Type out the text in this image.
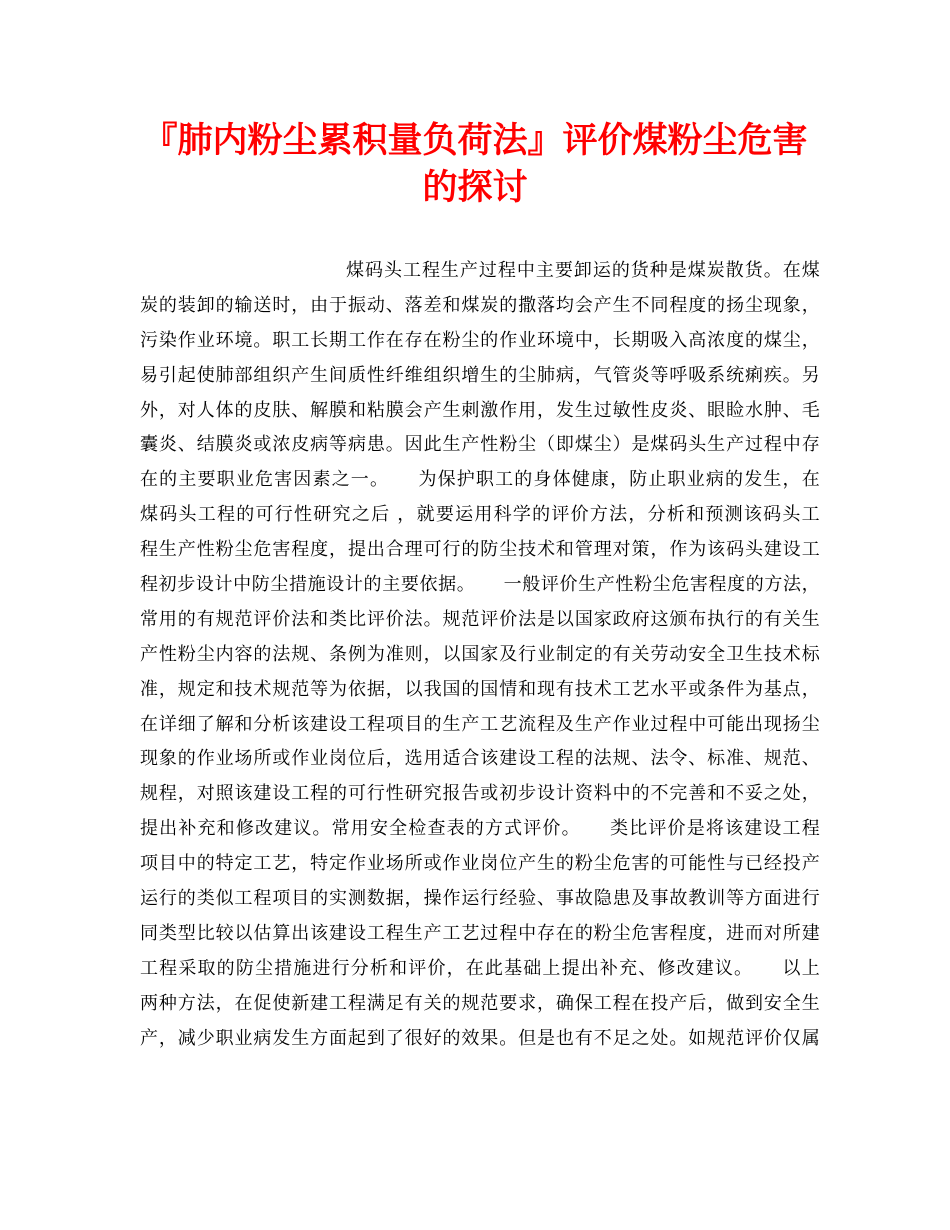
『肺内粉尘累积量负荷法』评价煤粉尘危害
的探讨
煤码头工程生产过程中主要卸运的货种是煤炭散货。在煤
炭的装卸的输送时，由于振动、落差和煤炭的撒落均会产生不同程度的扬尘现象，
污染作业环境。职工长期工作在存在粉尘的作业环境中，长期吸入高浓度的煤尘，
易引起使肺部组织产生间质性纤维组织增生的尘肺病，气管炎等呼吸系统痢疾。另
外，对人体的皮肤、解膜和粘膜会产生刺激作用，发生过敏性皮炎、眼睑水肿、毛
囊炎、结膜炎或浓皮病等病患。因此生产性粉尘（即煤尘）是煤码头生产过程中存
在的主要职业危害因素之一。　　为保护职工的身体健康，防止职业病的发生，在
煤码头工程的可行性研究之后 ，就要运用科学的评价方法，分析和预测该码头工
程生产性粉尘危害程度，提出合理可行的防尘技术和管理对策，作为该码头建设工
程初步设计中防尘措施设计的主要依据。　　一般评价生产性粉尘危害程度的方法，
常用的有规范评价法和类比评价法。规范评价法是以国家政府这颁布执行的有关生
产性粉尘内容的法规、条例为准则，以国家及行业制定的有关劳动安全卫生技术标
准，规定和技术规范等为依据，以我国的国情和现有技术工艺水平或条件为基点，
在详细了解和分析该建设工程项目的生产工艺流程及生产作业过程中可能出现扬尘
现象的作业场所或作业岗位后，选用适合该建设工程的法规、法令、标准、规范、
规程，对照该建设工程的可行性研究报告或初步设计资料中的不完善和不妥之处，
提出补充和修改建议。常用安全检查表的方式评价。　　类比评价是将该建设工程
项目中的特定工艺，特定作业场所或作业岗位产生的粉尘危害的可能性与已经投产
运行的类似工程项目的实测数据，操作运行经验、事故隐患及事故教训等方面进行
同类型比较以估算出该建设工程生产工艺过程中存在的粉尘危害程度，进而对所建
工程采取的防尘措施进行分析和评价，在此基础上提出补充、修改建议。　　以上
两种方法，在促使新建工程满足有关的规范要求，确保工程在投产后，做到安全生
产，减少职业病发生方面起到了很好的效果。但是也有不足之处。如规范评价仅属
